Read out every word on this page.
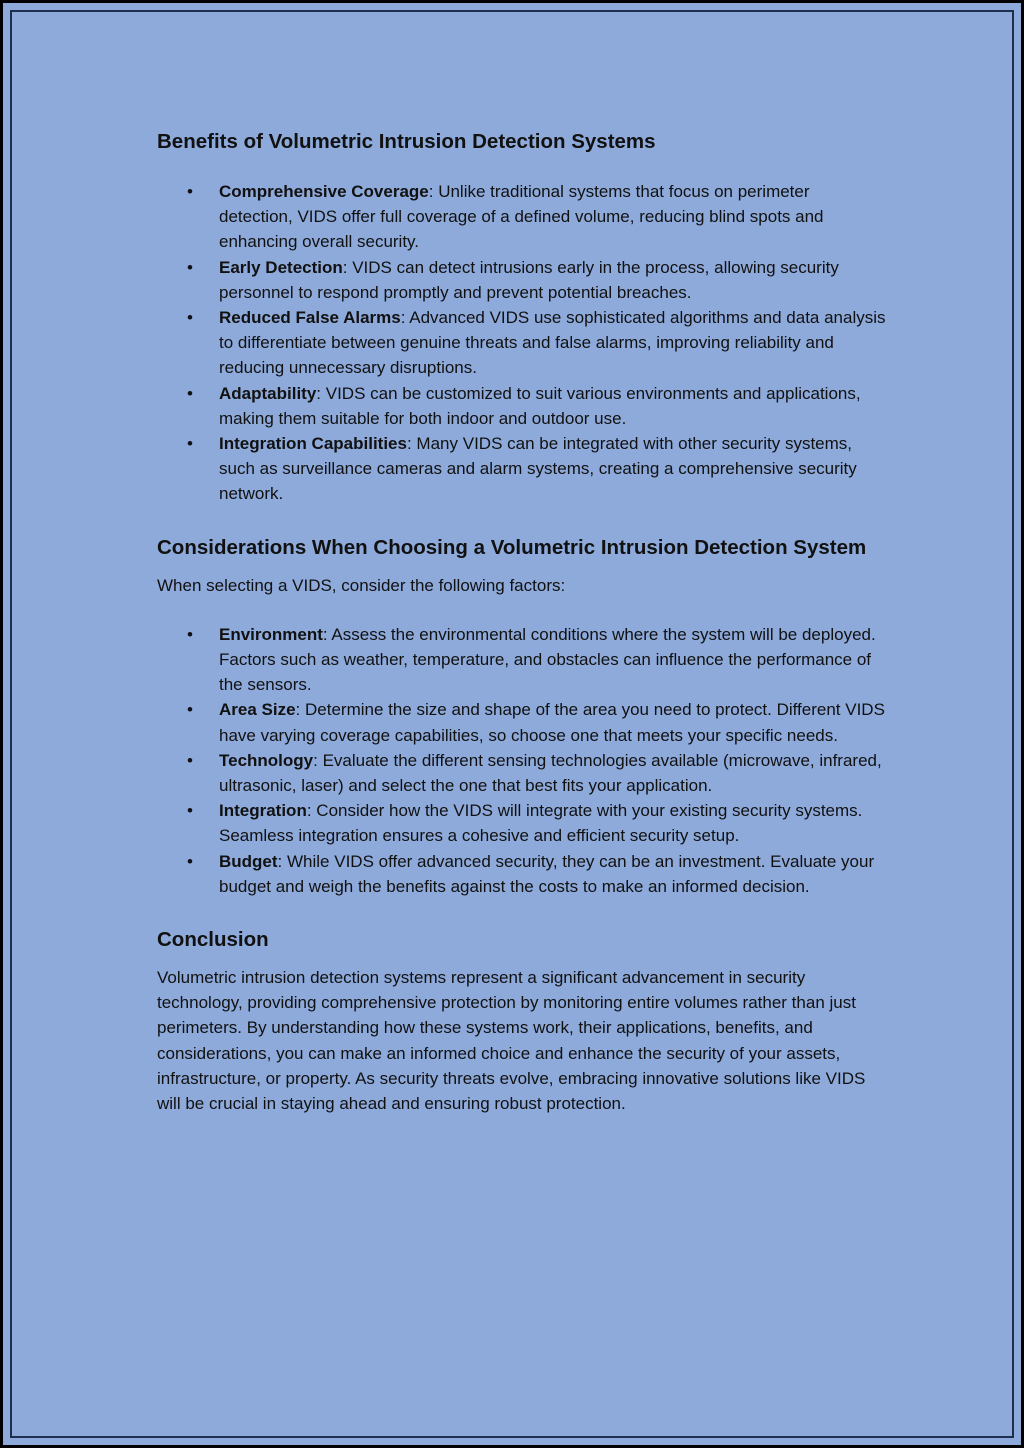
Benefits of Volumetric Intrusion Detection Systems
• Comprehensive Coverage: Unlike traditional systems that focus on perimeter detection, VIDS offer full coverage of a defined volume, reducing blind spots and enhancing overall security.
• Early Detection: VIDS can detect intrusions early in the process, allowing security personnel to respond promptly and prevent potential breaches.
• Reduced False Alarms: Advanced VIDS use sophisticated algorithms and data analysis to differentiate between genuine threats and false alarms, improving reliability and reducing unnecessary disruptions.
• Adaptability: VIDS can be customized to suit various environments and applications, making them suitable for both indoor and outdoor use.
• Integration Capabilities: Many VIDS can be integrated with other security systems, such as surveillance cameras and alarm systems, creating a comprehensive security network.
Considerations When Choosing a Volumetric Intrusion Detection System

When selecting a VIDS, consider the following factors:

• Environment: Assess the environmental conditions where the system will be deployed. Factors such as weather, temperature, and obstacles can influence the performance of the sensors.
• Area Size: Determine the size and shape of the area you need to protect. Different VIDS have varying coverage capabilities, so choose one that meets your specific needs.
• Technology: Evaluate the different sensing technologies available (microwave, infrared, ultrasonic, laser) and select the one that best fits your application.
• Integration: Consider how the VIDS will integrate with your existing security systems. Seamless integration ensures a cohesive and efficient security setup.
• Budget: While VIDS offer advanced security, they can be an investment. Evaluate your budget and weigh the benefits against the costs to make an informed decision.
Conclusion

Volumetric intrusion detection systems represent a significant advancement in security technology, providing comprehensive protection by monitoring entire volumes rather than just perimeters. By understanding how these systems work, their applications, benefits, and considerations, you can make an informed choice and enhance the security of your assets, infrastructure, or property. As security threats evolve, embracing innovative solutions like VIDS will be crucial in staying ahead and ensuring robust protection.
